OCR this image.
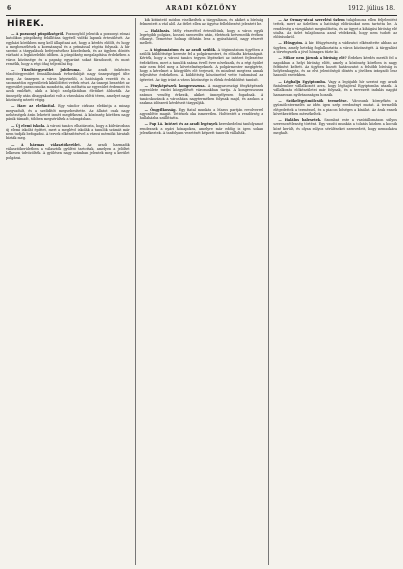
6	ARADI KÖZLÖNY	1912. július 18.
HÍREK.

— A pozsonyi püspökségről. Pozsonyból jelentik a pozsonyi római katolikus püspökség felállítása ügyéről vidéki lapunk értesülését. Az egyházi körökben meg kell állapítani azt, hogy a kérdés eldőlt, és hogy a megbeszélések a kormánnyal és a prímással régóta folynak. A hír szerint a tárgyalások befejezéséhez közelednek, és az ügyben döntés várható a legközelebbi időben. A püspökség megalapítása érdekében a város közönsége és a papság egyaránt sokat fáradozott, és most remélik, hogy a régi óhaj teljesülni fog.

— Tűzoltóegyesület jubileuma. Az aradi önkéntes tűzoltóegyesület fennállásának évfordulóját nagy ünnepséggel ülte meg. Az ünnepen a város képviselői, a hatóságok vezetői és a szomszédos egyesületek kiküldöttei vettek részt. Az ünnepi beszédet az egyesület parancsnoka mondotta, aki méltatta az egyesület érdemeit és azok emlékét, akik a közjó szolgálatában életüket áldozták. Az ünnepély után díszgyakorlat volt a városháza előtti téren, amelyet nagy közönség nézett végig.

— Harc az elefánttal. Egy vándor cirkusz elefántja a minap megvadult, és a szelídítőt megsebesítette. Az állatot csak nagy nehézségek árán lehetett ismét megfékezni. A közönség körében nagy pánik támadt, többen megsérültek a tolongásban.

— Új elemi iskola. A városi tanács elhatározta, hogy a külvárosban új elemi iskolát építtet, mert a meglévő iskolák a tanulók számát már nem tudják befogadni. A tervek elkészítésével a városi mérnöki hivatalt bízták meg.

— A hármas választókerület. Az aradi harmadik választókerületben a választók gyűlést tartottak, amelyen a jelöltet lelkesen üdvözölték. A gyűlésen nagy számban jelentek meg a kerület polgárai.

kik kitüntető módon viselkedtek a tárgyaláson, és akiket a bíróság felmentett a vád alól. Az ítélet ellen az ügyész fellebbezést jelentett be.

— Halálozás. Mély részvéttel értesültünk, hogy a város egyik legrégibb polgára, hosszú szenvedés után, életének hetvenedik évében elhunyt. Temetése holnap délután lesz a gyászháztól, nagy részvét mellett.

— A tógimnázium és az aradi szülők. A tógimnázium ügyében a szülők küldöttsége kereste fel a polgármestert, és előadta kívánságait. Kérték, hogy a városi tanács tegyen lépéseket az intézet fejlesztése érdekében, mert a tanulók száma évről évre növekszik, és a régi épület már nem felel meg a követelményeknek. A polgármester megígérte, hogy a kérelmet a közgyűlés elé terjeszti, és mindent megtesz annak teljesítése érdekében. A küldöttség köszönettel vette tudomásul az ígéretet. Az ügy iránt a város közönsége is élénk érdeklődést tanúsít.

— Fényképészek kongresszusa. A magyarországi fényképészek egyesülete ezidei közgyűlését városunkban tartja. A kongresszusra számos vendég érkezik, akiket ünnepélyesen fogadnak. A tanácskozások a városháza nagytermében folynak majd, és azokon a szakma időszerű kérdéseit tárgyalják.

— Öngyilkosság. Egy fiatal munkás a Maros partján revolverrel agyonlőtte magát. Tettének oka ismeretlen. Holttestét a rendőrség a hullaházba szállíttatta.

— Pap Lá. Intézet és az aradi legények kereskedelmi tanfolyamot rendeznek a nyári hónapokra, amelyre már eddig is igen sokan jelentkeztek. A tanfolyam vezetését képzett tanerők vállalták.

— Az Ormay-utcai szerelési üzlem tulajdonosa ellen feljelentést tettek, mert az üzletben a hatósági előírásokat nem tartotta be. A rendőrség a vizsgálatot megindította, és az ügyet a kihágási bíróság elé utalta. Az üzlet tulajdonosa azzal védekezik, hogy nem tudott az előírásokról.

— Elüsgyóm. A kir. főügyészség a vádiratot elkészítette abban az ügyben, amely hetekig foglalkoztatta a város közönségét. A tárgyalást a törvényszék a jövő hónapra tűzte ki.

— Mikor nem járunk a bíróság elé? Érdekes kérdés merült fel a napokban a helyi bíróság előtt, amely a közönség körében is nagy feltűnést keltett. Az ügyben hozott határozatot a felsőbb bíróság is helybenhagyta, és az elvi jelentőségű döntés a jövőben irányadó lesz hasonló esetekben.

— Légbalju Egyiptomba. Vagy a legújabb hír szerint egy aradi fiatalember vállalkozott arra, hogy léghajóval Egyiptomba utazik. A vállalkozás előkészületei már folynak, és a tervezett indulás napját hamarosan nyilvánosságra hozzák.

— Szőkelégyümölcsök termelése. Városunk környékén a gyümölcstermelés az idén igen szép eredményt mutat. A termelők elégedettek a terméssel, és a piacon bőséges a kínálat. Az árak ennek következtében mérsékeltek.

— Halálos balesetek. Szombat este a vasútállomáson súlyos szerencsétlenség történt. Egy vasúti munkás a tolatás közben a kocsik közé került, és olyan súlyos sérüléseket szenvedett, hogy nemsokára meghalt.
